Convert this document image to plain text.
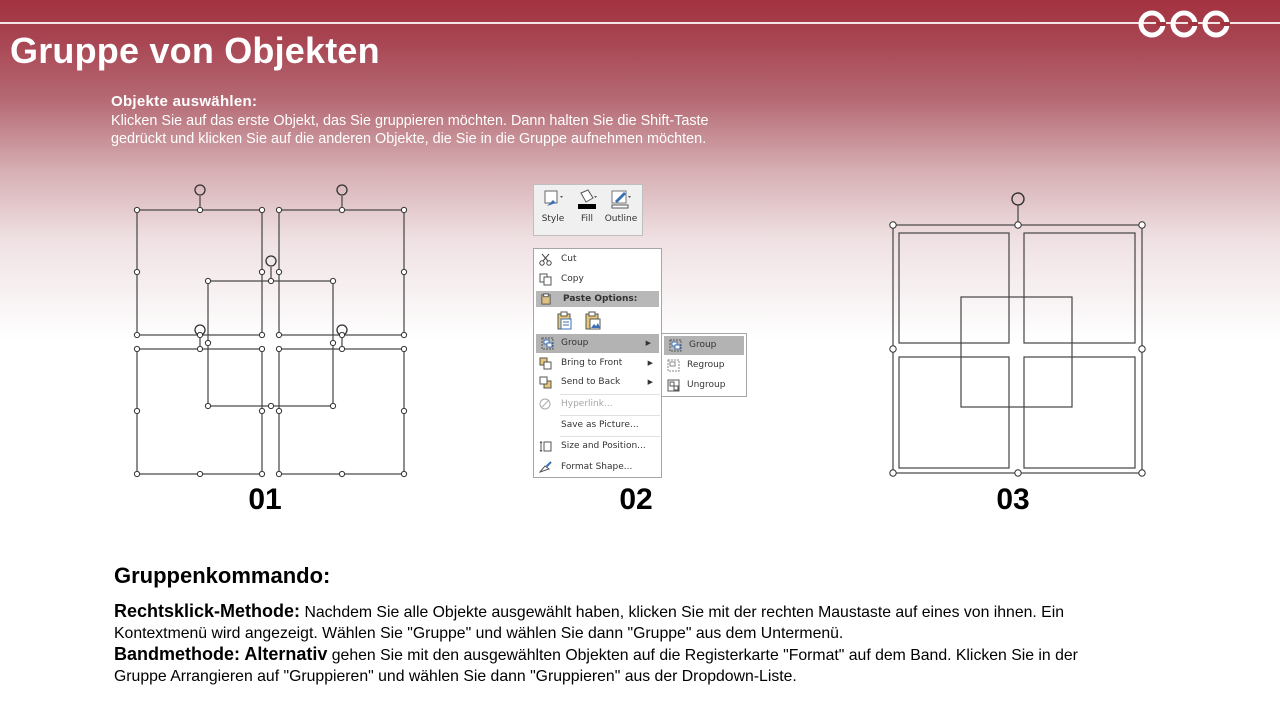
Gruppe von Objekten
Objekte auswählen:
Klicken Sie auf das erste Objekt, das Sie gruppieren möchten. Dann halten Sie die Shift-Taste gedrückt und klicken Sie auf die anderen Objekte, die Sie in die Gruppe aufnehmen möchten.
01
Style	Fill	Outline
Cut
Copy
Paste Options:
Group	▶
Bring to Front	▶
Send to Back	▶
Hyperlink...
Save as Picture...
Size and Position...
Format Shape...
Group
Regroup
Ungroup
02	03
Gruppenkommando:

Rechtsklick-Methode: Nachdem Sie alle Objekte ausgewählt haben, klicken Sie mit der rechten Maustaste auf eines von ihnen. Ein Kontextmenü wird angezeigt. Wählen Sie "Gruppe" und wählen Sie dann "Gruppe" aus dem Untermenü.

Bandmethode: Alternativ gehen Sie mit den ausgewählten Objekten auf die Registerkarte "Format" auf dem Band. Klicken Sie in der Gruppe Arrangieren auf "Gruppieren" und wählen Sie dann "Gruppieren" aus der Dropdown-Liste.
